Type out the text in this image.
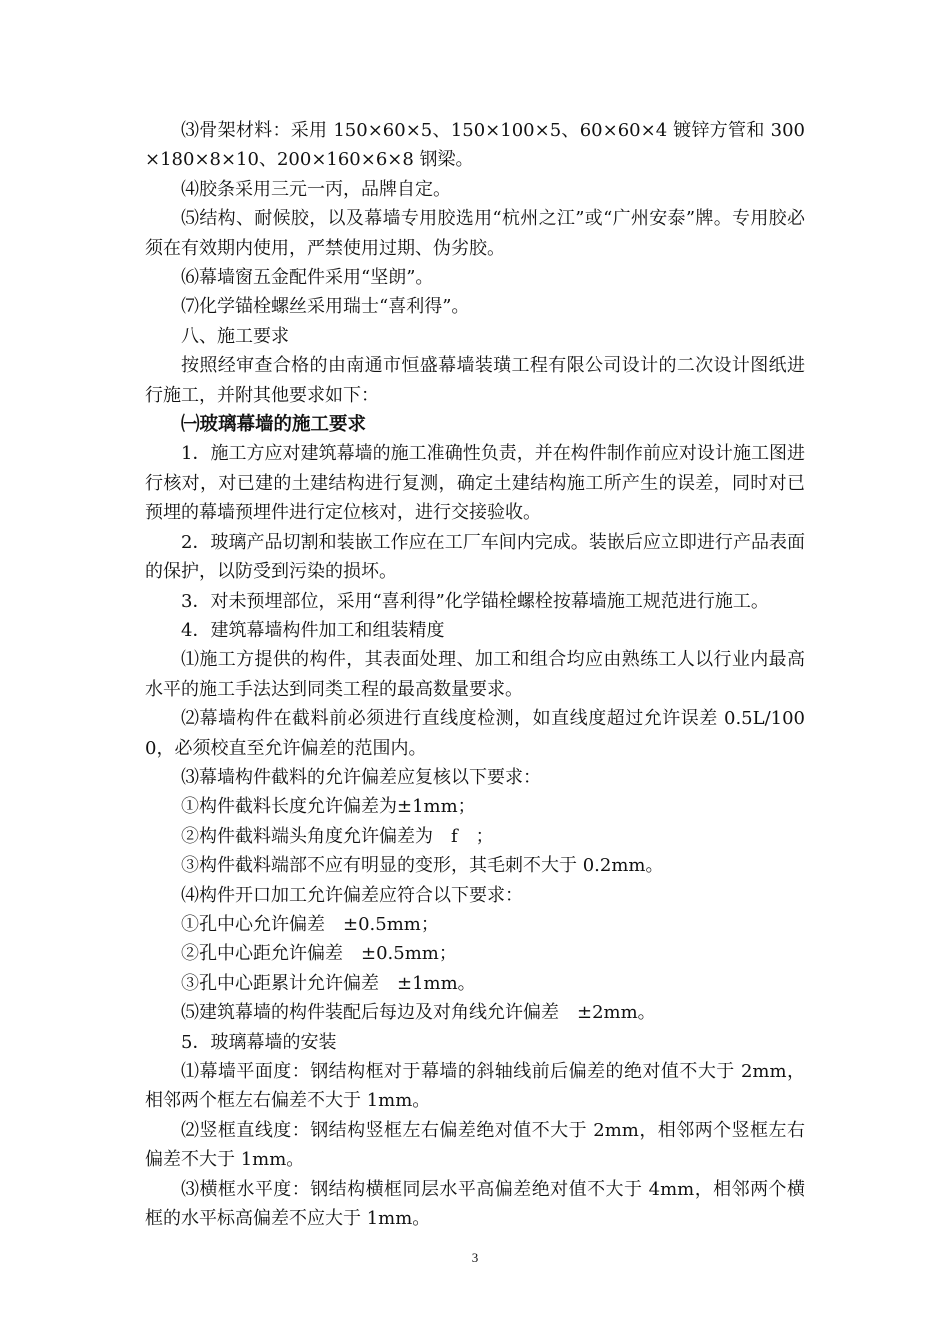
⑶骨架材料：采用 150×60×5、150×100×5、60×60×4 镀锌方管和 300×180×8×10、200×160×6×8 钢梁。

⑷胶条采用三元一丙，品牌自定。

⑸结构、耐候胶，以及幕墙专用胶选用“杭州之江”或“广州安泰”牌。专用胶必须在有效期内使用，严禁使用过期、伪劣胶。

⑹幕墙窗五金配件采用“坚朗”。

⑺化学锚栓螺丝采用瑞士“喜利得”。

八、施工要求

按照经审查合格的由南通市恒盛幕墙装璜工程有限公司设计的二次设计图纸进行施工，并附其他要求如下：

㈠玻璃幕墙的施工要求

1．施工方应对建筑幕墙的施工准确性负责，并在构件制作前应对设计施工图进行核对，对已建的土建结构进行复测，确定土建结构施工所产生的误差，同时对已预埋的幕墙预埋件进行定位核对，进行交接验收。

2．玻璃产品切割和装嵌工作应在工厂车间内完成。装嵌后应立即进行产品表面的保护，以防受到污染的损坏。

3．对未预埋部位，采用“喜利得”化学锚栓螺栓按幕墙施工规范进行施工。

4．建筑幕墙构件加工和组装精度

⑴施工方提供的构件，其表面处理、加工和组合均应由熟练工人以行业内最高水平的施工手法达到同类工程的最高数量要求。

⑵幕墙构件在截料前必须进行直线度检测，如直线度超过允许误差 0.5L/1000，必须校直至允许偏差的范围内。

⑶幕墙构件截料的允许偏差应复核以下要求：

①构件截料长度允许偏差为±1mm；

②构件截料端头角度允许偏差为　f　；

③构件截料端部不应有明显的变形，其毛刺不大于 0.2mm。

⑷构件开口加工允许偏差应符合以下要求：

①孔中心允许偏差　±0.5mm；

②孔中心距允许偏差　±0.5mm；

③孔中心距累计允许偏差　±1mm。

⑸建筑幕墙的构件装配后每边及对角线允许偏差　±2mm。

5．玻璃幕墙的安装

⑴幕墙平面度：钢结构框对于幕墙的斜轴线前后偏差的绝对值不大于 2mm，相邻两个框左右偏差不大于 1mm。

⑵竖框直线度：钢结构竖框左右偏差绝对值不大于 2mm，相邻两个竖框左右偏差不大于 1mm。

⑶横框水平度：钢结构横框同层水平高偏差绝对值不大于 4mm，相邻两个横框的水平标高偏差不应大于 1mm。

3
